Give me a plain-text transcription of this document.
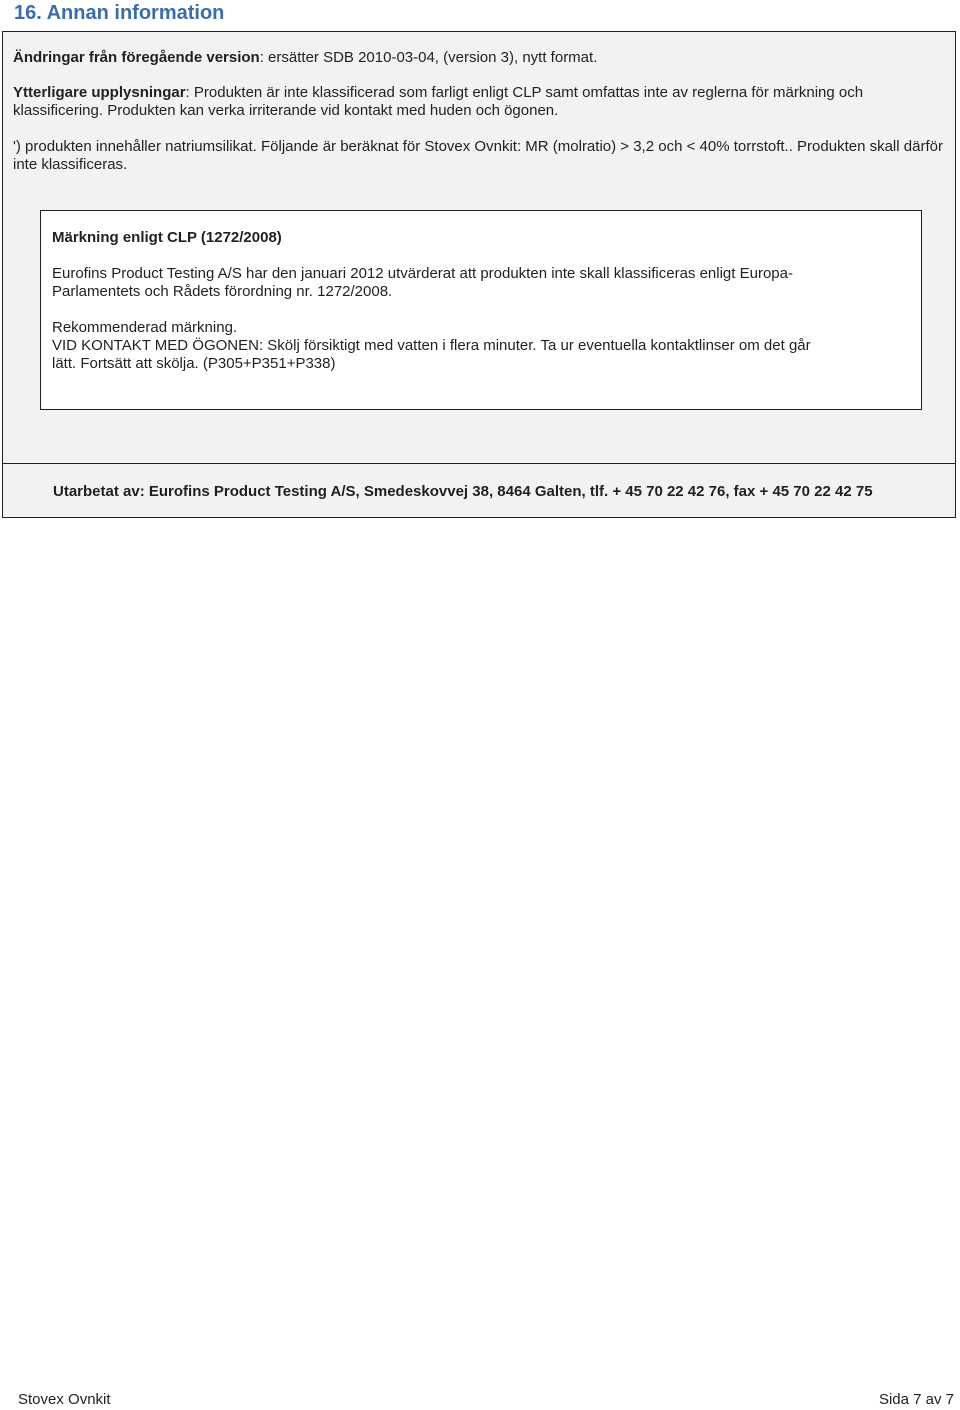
16. Annan information

Ändringar från föregående version: ersätter SDB 2010-03-04, (version 3), nytt format.

Ytterligare upplysningar: Produkten är inte klassificerad som farligt enligt CLP samt omfattas inte av reglerna för märkning och klassificering. Produkten kan verka irriterande vid kontakt med huden och ögonen.

') produkten innehåller natriumsilikat. Följande är beräknat för Stovex Ovnkit: MR (molratio) > 3,2 och < 40% torrstoft.. Produkten skall därför inte klassificeras.

Märkning enligt CLP (1272/2008)

Eurofins Product Testing A/S har den januari 2012 utvärderat att produkten inte skall klassificeras enligt Europa-Parlamentets och Rådets förordning nr. 1272/2008.

Rekommenderad märkning.
VID KONTAKT MED ÖGONEN: Skölj försiktigt med vatten i flera minuter. Ta ur eventuella kontaktlinser om det går lätt. Fortsätt att skölja. (P305+P351+P338)

Utarbetat av: Eurofins Product Testing A/S, Smedeskovvej 38, 8464 Galten, tlf. + 45 70 22 42 76, fax + 45 70 22 42 75
Stovex Ovnkit	Sida 7 av 7
